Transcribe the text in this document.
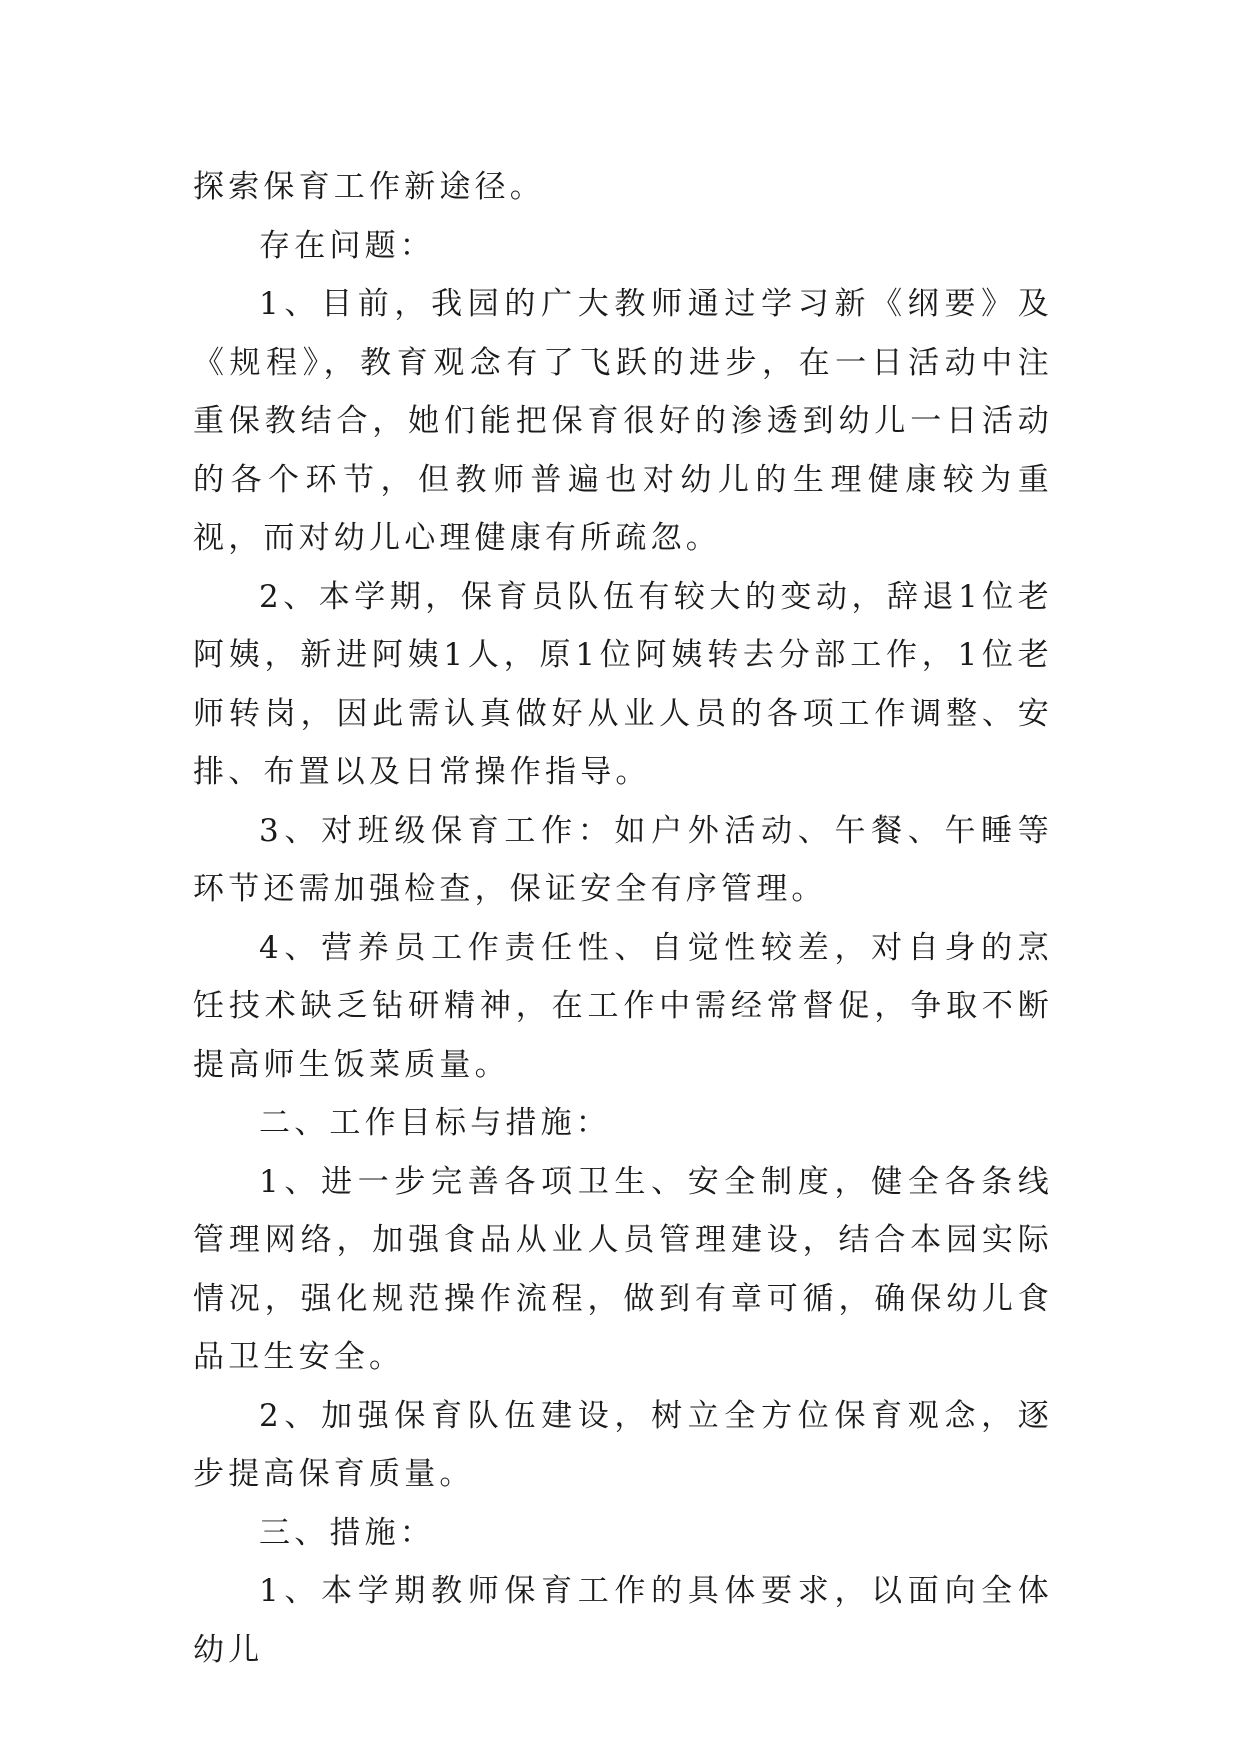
探索保育工作新途径。

存在问题：

1、目前，我园的广大教师通过学习新《纲要》及《规程》，教育观念有了飞跃的进步，在一日活动中注重保教结合，她们能把保育很好的渗透到幼儿一日活动的各个环节，但教师普遍也对幼儿的生理健康较为重视，而对幼儿心理健康有所疏忽。

2、本学期，保育员队伍有较大的变动，辞退1位老阿姨，新进阿姨1人，原1位阿姨转去分部工作，1位老师转岗，因此需认真做好从业人员的各项工作调整、安排、布置以及日常操作指导。

3、对班级保育工作：如户外活动、午餐、午睡等环节还需加强检查，保证安全有序管理。

4、营养员工作责任性、自觉性较差，对自身的烹饪技术缺乏钻研精神，在工作中需经常督促，争取不断提高师生饭菜质量。

二、工作目标与措施：

1、进一步完善各项卫生、安全制度，健全各条线管理网络，加强食品从业人员管理建设，结合本园实际情况，强化规范操作流程，做到有章可循，确保幼儿食品卫生安全。

2、加强保育队伍建设，树立全方位保育观念，逐步提高保育质量。

三、措施：

1、本学期教师保育工作的具体要求，以面向全体幼儿
